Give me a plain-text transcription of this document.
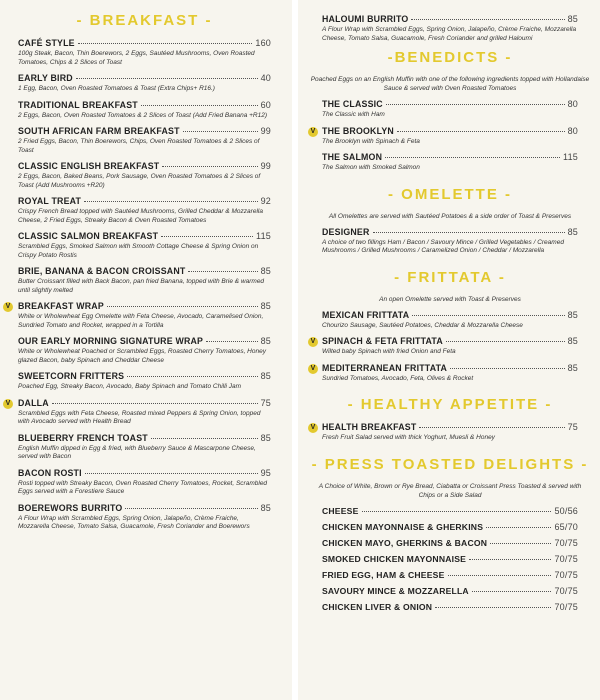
- BREAKFAST -
CAFÉ STYLE	160
100g Steak, Bacon, Thin Boerewors, 2 Eggs, Sautéed Mushrooms, Oven Roasted Tomatoes, Chips & 2 Slices of Toast
EARLY BIRD	40
1 Egg, Bacon, Oven Roasted Tomatoes & Toast (Extra Chips+ R16.)
TRADITIONAL BREAKFAST	60
2 Eggs, Bacon, Oven Roasted Tomatoes & 2 Slices of Toast (Add Fried Banana +R12)
SOUTH AFRICAN FARM BREAKFAST	99
2 Fried Eggs, Bacon, Thin Boerewors, Chips, Oven Roasted Tomatoes & 2 Slices of Toast
CLASSIC ENGLISH BREAKFAST	99
2 Eggs, Bacon, Baked Beans, Pork Sausage, Oven Roasted Tomatoes & 2 Slices of Toast (Add Mushrooms +R20)
ROYAL TREAT	92
Crispy French Bread topped with Sautéed Mushrooms, Grilled Cheddar & Mozzarella Cheese, 2 Fried Eggs, Streaky Bacon & Oven Roasted Tomatoes
CLASSIC SALMON BREAKFAST	115
Scrambled Eggs, Smoked Salmon with Smooth Cottage Cheese & Spring Onion on Crispy Potato Rostis
BRIE, BANANA & BACON CROISSANT	85
Butter Croissant filled with Back Bacon, pan fried Banana, topped with Brie & warmed until slightly melted
V BREAKFAST WRAP	85
White or Wholewheat Egg Omelette with Feta Cheese, Avocado, Caramelised Onion, Sundried Tomato and Rocket, wrapped in a Tortilla
OUR EARLY MORNING SIGNATURE WRAP	85
White or Wholewheat Poached or Scrambled Eggs, Roasted Cherry Tomatoes, Honey glazed Bacon, baby Spinach and Cheddar Cheese
SWEETCORN FRITTERS	85
Poached Egg, Streaky Bacon, Avocado, Baby Spinach and Tomato Chilli Jam
V DALLA	75
Scrambled Eggs with Feta Cheese, Roasted mixed Peppers & Spring Onion, topped with Avocado served with Health Bread
BLUEBERRY FRENCH TOAST	85
English Muffin dipped in Egg & fried, with Blueberry Sauce & Mascarpone Cheese, served with Bacon
BACON ROSTI	95
Rosti topped with Streaky Bacon, Oven Roasted Cherry Tomatoes, Rocket, Scrambled Eggs served with a Forestiere Sauce
BOEREWORS BURRITO	85
A Flour Wrap with Scrambled Eggs, Spring Onion, Jalapeño, Crème Fraiche, Mozzarella Cheese, Tomato Salsa, Guacamole, Fresh Coriander and Boerewors
HALOUMI BURRITO	85
A Flour Wrap with Scrambled Eggs, Spring Onion, Jalapeño, Crème Fraiche, Mozzarella Cheese, Tomato Salsa, Guacamole, Fresh Coriander and grilled Haloumi
-BENEDICTS -
Poached Eggs on an English Muffin with one of the following ingredients topped with Hollandaise Sauce & served with Oven Roasted Tomatoes
THE CLASSIC	80
The Classic with Ham
V THE BROOKLYN	80
The Brooklyn with Spinach & Feta
THE SALMON	115
The Salmon with Smoked Salmon
- OMELETTE -
All Omelettes are served with Sautéed Potatoes & a side order of Toast & Preserves
DESIGNER	85
A choice of two fillings Ham / Bacon / Savoury Mince / Grilled Vegetables / Creamed Mushrooms / Grilled Mushrooms / Caramelized Onion / Cheddar / Mozzarella
- FRITTATA -
An open Omelette served with Toast & Preserves
MEXICAN FRITTATA	85
Chourizo Sausage, Sautéed Potatoes, Cheddar & Mozzarella Cheese
V SPINACH & FETA FRITTATA	85
Wilted baby Spinach with fried Onion and Feta
V MEDITERRANEAN FRITTATA	85
Sundried Tomatoes, Avocado, Feta, Olives & Rocket
- HEALTHY APPETITE -
V HEALTH BREAKFAST	75
Fresh Fruit Salad served with thick Yoghurt, Muesli & Honey
- PRESS TOASTED DELIGHTS -
A Choice of White, Brown or Rye Bread, Ciabatta or Croissant Press Toasted & served with Chips or a Side Salad
CHEESE	50/56
CHICKEN MAYONNAISE & GHERKINS	65/70
CHICKEN MAYO, GHERKINS & BACON	70/75
SMOKED CHICKEN MAYONNAISE	70/75
FRIED EGG, HAM & CHEESE	70/75
SAVOURY MINCE & MOZZARELLA	70/75
CHICKEN LIVER & ONION	70/75
